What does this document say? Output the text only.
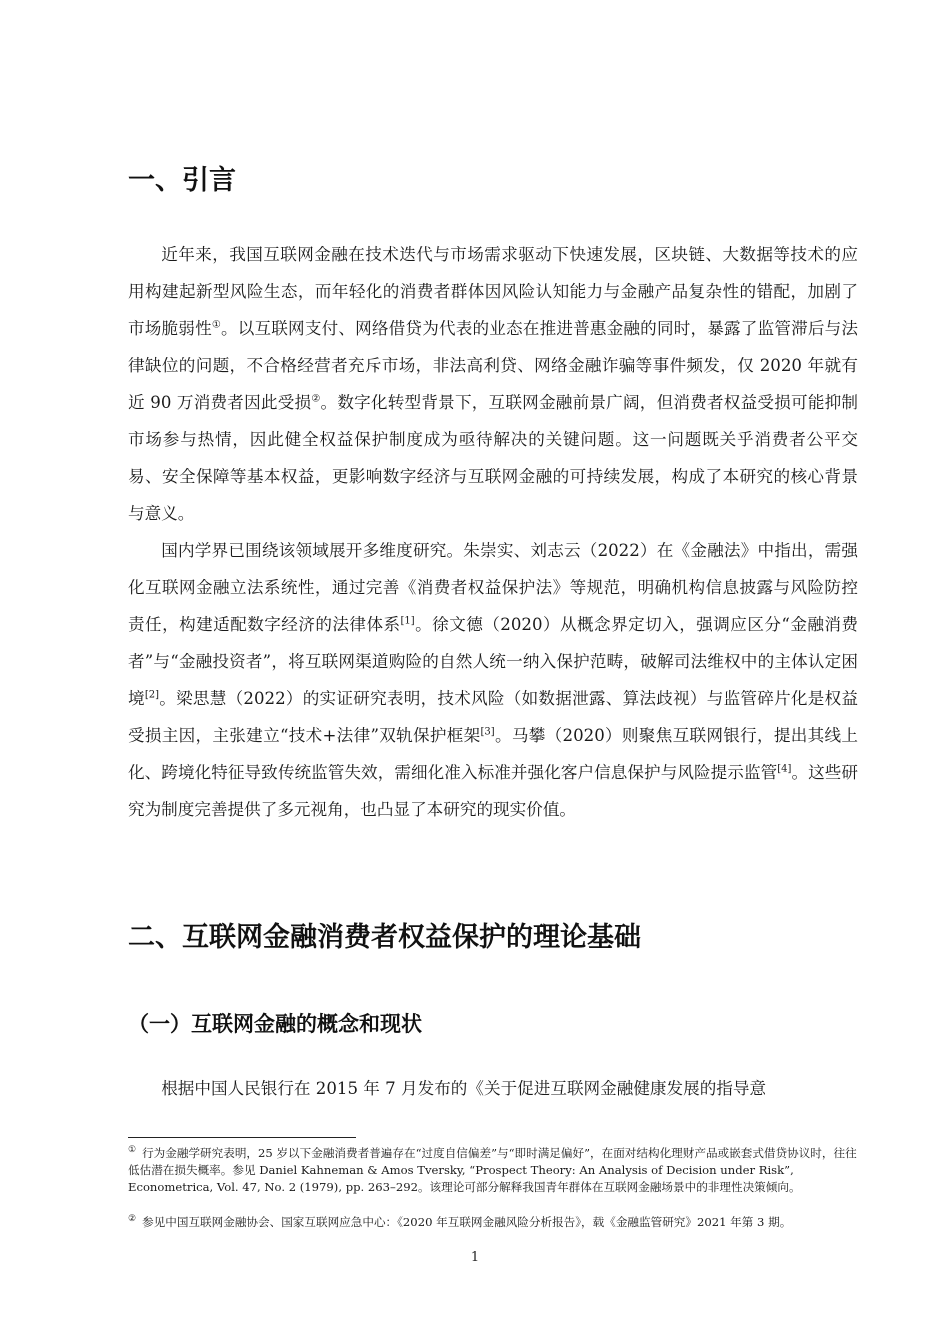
一、引言

近年来，我国互联网金融在技术迭代与市场需求驱动下快速发展，区块链、大数据等技术的应用构建起新型风险生态，而年轻化的消费者群体因风险认知能力与金融产品复杂性的错配，加剧了市场脆弱性①。以互联网支付、网络借贷为代表的业态在推进普惠金融的同时，暴露了监管滞后与法律缺位的问题，不合格经营者充斥市场，非法高利贷、网络金融诈骗等事件频发，仅 2020 年就有近 90 万消费者因此受损②。数字化转型背景下，互联网金融前景广阔，但消费者权益受损可能抑制市场参与热情，因此健全权益保护制度成为亟待解决的关键问题。这一问题既关乎消费者公平交易、安全保障等基本权益，更影响数字经济与互联网金融的可持续发展，构成了本研究的核心背景与意义。

国内学界已围绕该领域展开多维度研究。朱崇实、刘志云（2022）在《金融法》中指出，需强化互联网金融立法系统性，通过完善《消费者权益保护法》等规范，明确机构信息披露与风险防控责任，构建适配数字经济的法律体系[1]。徐文德（2020）从概念界定切入，强调应区分“金融消费者”与“金融投资者”，将互联网渠道购险的自然人统一纳入保护范畴，破解司法维权中的主体认定困境[2]。梁思慧（2022）的实证研究表明，技术风险（如数据泄露、算法歧视）与监管碎片化是权益受损主因，主张建立“技术+法律”双轨保护框架[3]。马攀（2020）则聚焦互联网银行，提出其线上化、跨境化特征导致传统监管失效，需细化准入标准并强化客户信息保护与风险提示监管[4]。这些研究为制度完善提供了多元视角，也凸显了本研究的现实价值。

二、互联网金融消费者权益保护的理论基础
（一）互联网金融的概念和现状

根据中国人民银行在 2015 年 7 月发布的《关于促进互联网金融健康发展的指导意

① 行为金融学研究表明，25 岁以下金融消费者普遍存在“过度自信偏差”与“即时满足偏好”，在面对结构化理财产品或嵌套式借贷协议时，往往低估潜在损失概率。参见 Daniel Kahneman & Amos Tversky, “Prospect Theory: An Analysis of Decision under Risk”, Econometrica, Vol. 47, No. 2 (1979), pp. 263–292。该理论可部分解释我国青年群体在互联网金融场景中的非理性决策倾向。

② 参见中国互联网金融协会、国家互联网应急中心：《2020 年互联网金融风险分析报告》，载《金融监管研究》2021 年第 3 期。

1
